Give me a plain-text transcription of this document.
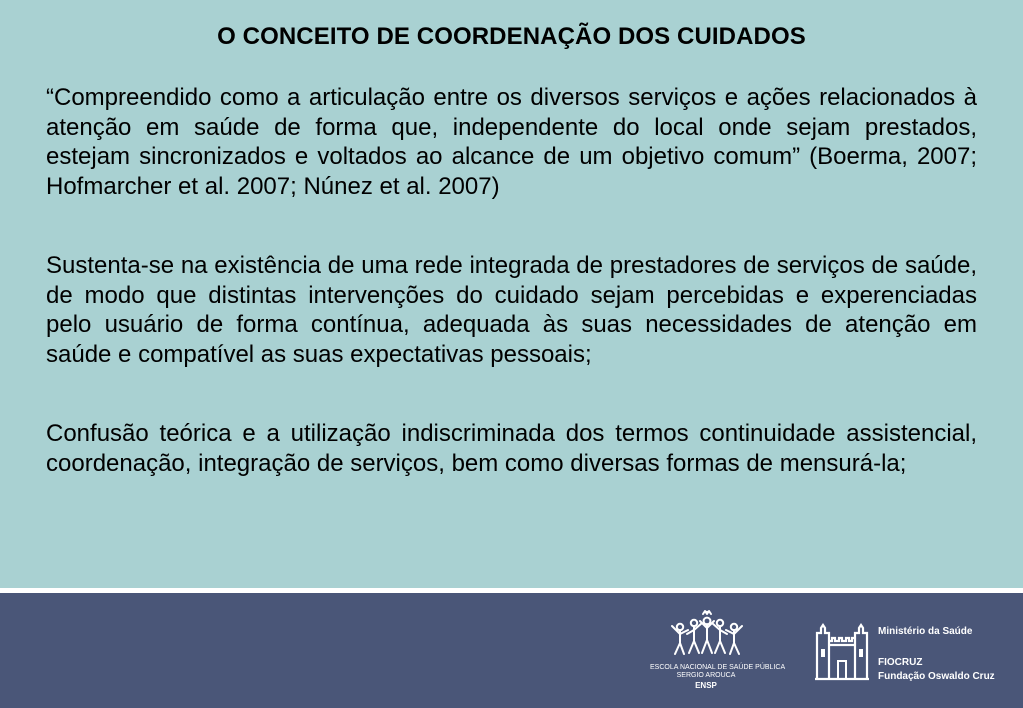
O CONCEITO DE COORDENAÇÃO DOS CUIDADOS

“Compreendido como a articulação entre os diversos serviços e ações relacionados à atenção em saúde de forma que, independente do local onde sejam prestados, estejam sincronizados e voltados ao alcance de um objetivo comum” (Boerma, 2007; Hofmarcher et al. 2007; Núnez et al. 2007)

Sustenta-se na existência de uma rede integrada de prestadores de serviços de saúde, de modo que distintas intervenções do cuidado sejam percebidas e experenciadas pelo usuário de forma contínua, adequada às suas necessidades de atenção em saúde e compatível as suas expectativas pessoais;

Confusão teórica e a utilização indiscriminada dos termos continuidade assistencial, coordenação, integração de serviços, bem como diversas formas de mensurá-la;

ESCOLA NACIONAL DE SAÚDE PÚBLICA
SERGIO AROUCA
ENSP
Ministério da Saúde
FIOCRUZ
Fundação Oswaldo Cruz
